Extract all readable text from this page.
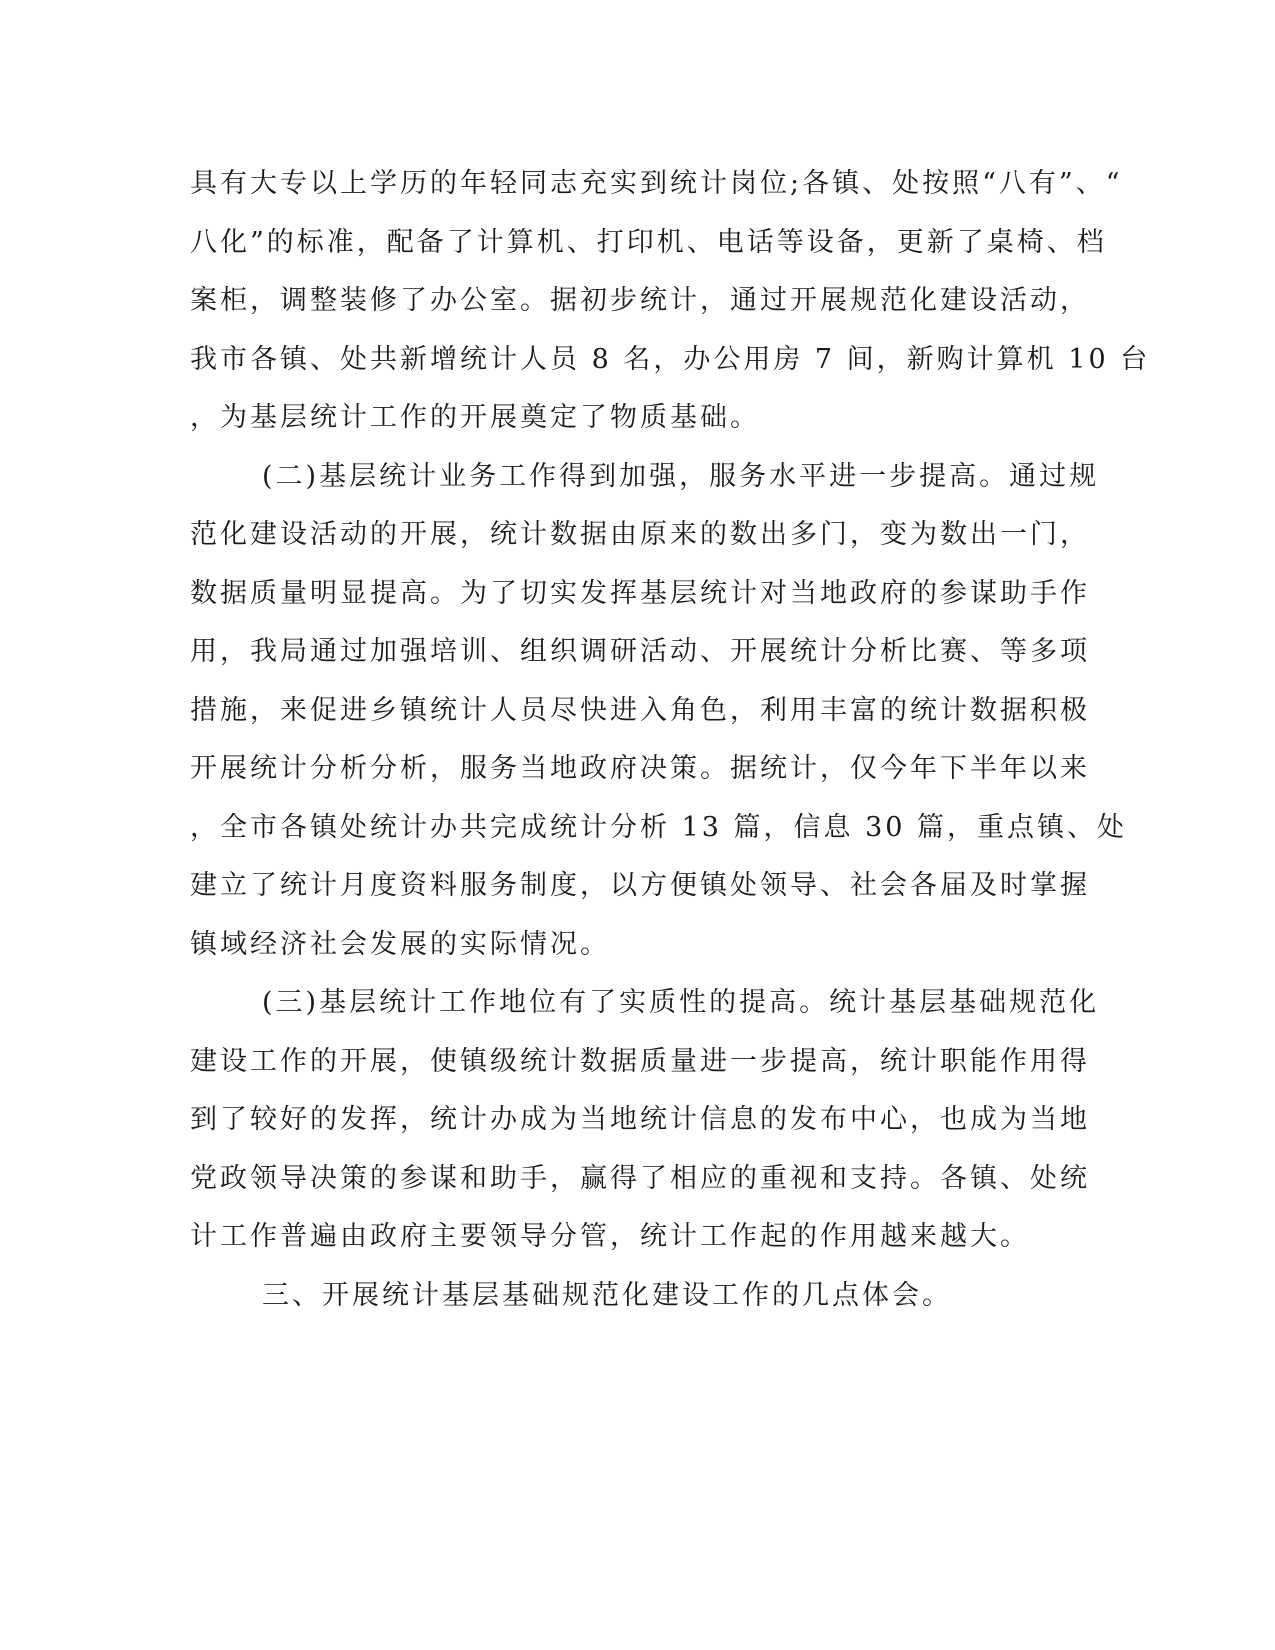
具有大专以上学历的年轻同志充实到统计岗位;各镇、处按照“八有”、“
八化”的标准，配备了计算机、打印机、电话等设备，更新了桌椅、档
案柜，调整装修了办公室。据初步统计，通过开展规范化建设活动，
我市各镇、处共新增统计人员 8 名，办公用房 7 间，新购计算机 10 台
，为基层统计工作的开展奠定了物质基础。
(二)基层统计业务工作得到加强，服务水平进一步提高。通过规
范化建设活动的开展，统计数据由原来的数出多门，变为数出一门，
数据质量明显提高。为了切实发挥基层统计对当地政府的参谋助手作
用，我局通过加强培训、组织调研活动、开展统计分析比赛、等多项
措施，来促进乡镇统计人员尽快进入角色，利用丰富的统计数据积极
开展统计分析分析，服务当地政府决策。据统计，仅今年下半年以来
，全市各镇处统计办共完成统计分析 13 篇，信息 30 篇，重点镇、处
建立了统计月度资料服务制度，以方便镇处领导、社会各届及时掌握
镇域经济社会发展的实际情况。
(三)基层统计工作地位有了实质性的提高。统计基层基础规范化
建设工作的开展，使镇级统计数据质量进一步提高，统计职能作用得
到了较好的发挥，统计办成为当地统计信息的发布中心，也成为当地
党政领导决策的参谋和助手，赢得了相应的重视和支持。各镇、处统
计工作普遍由政府主要领导分管，统计工作起的作用越来越大。
三、开展统计基层基础规范化建设工作的几点体会。
